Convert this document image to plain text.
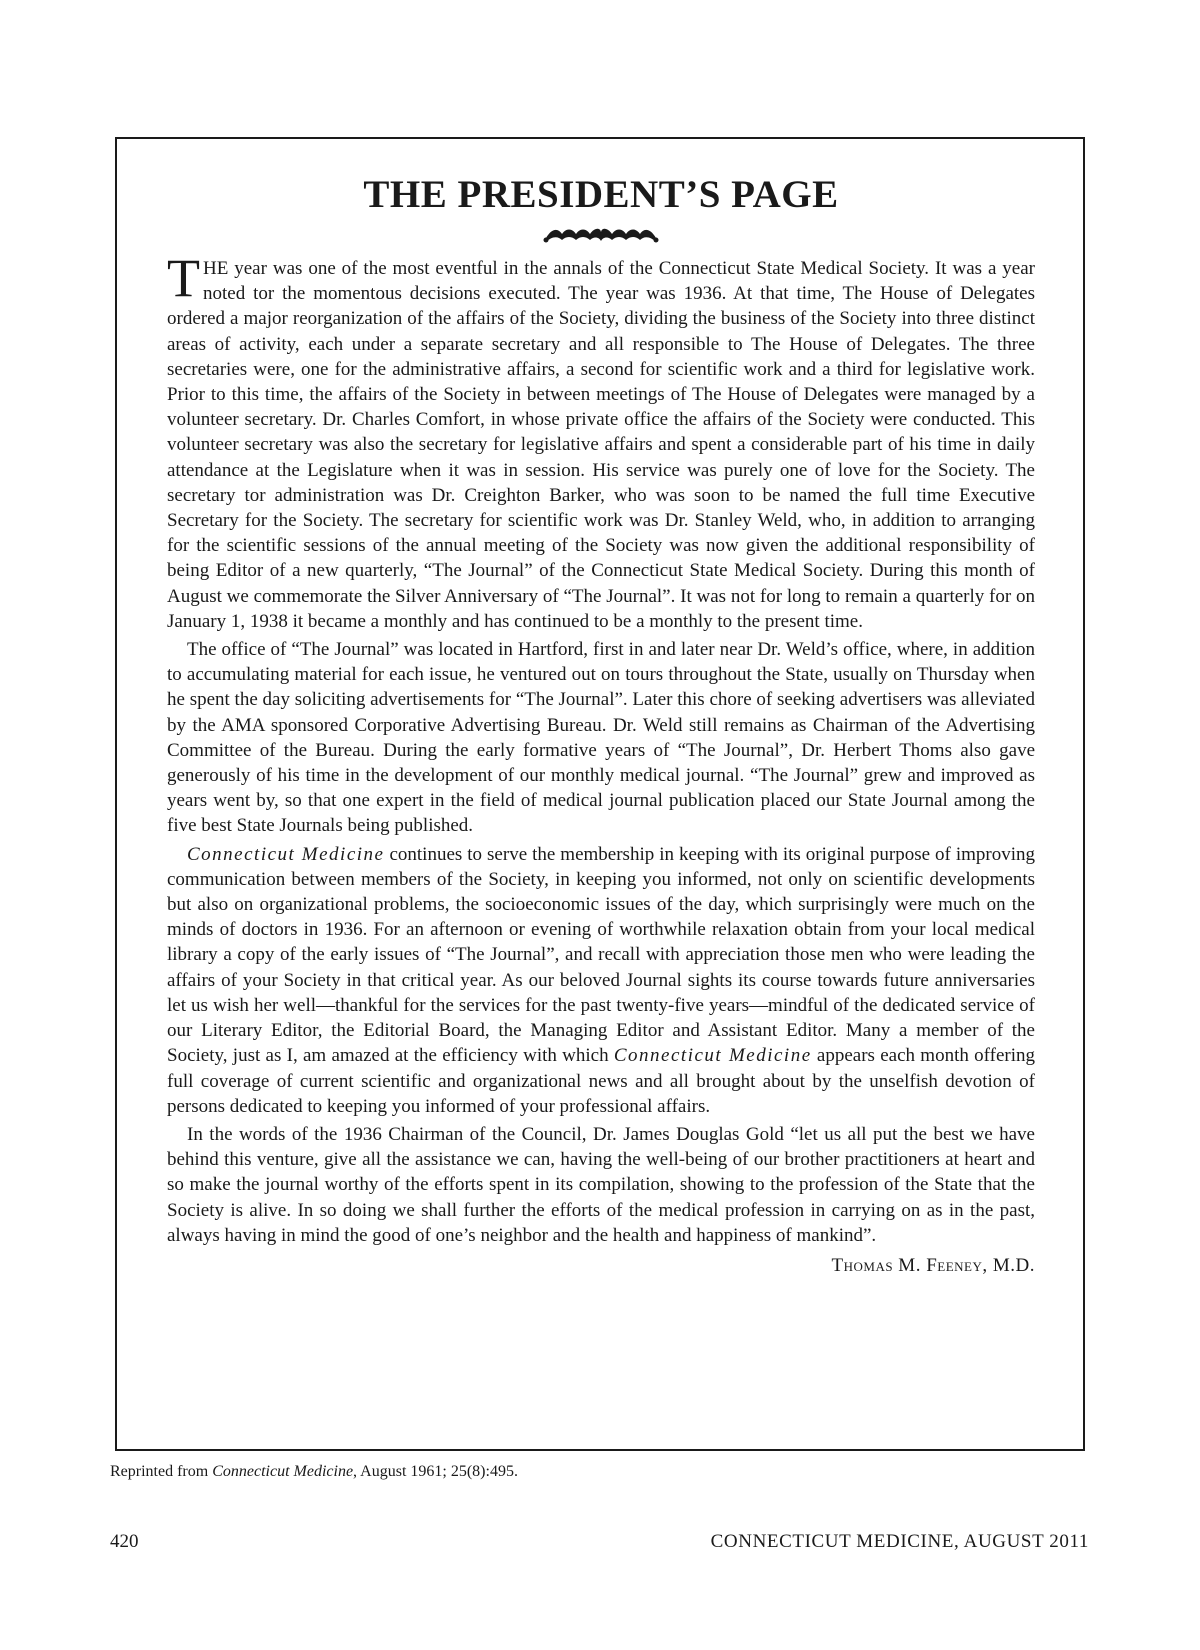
THE PRESIDENT’S PAGE

THE year was one of the most eventful in the annals of the Connecticut State Medical Society. It was a year noted tor the momentous decisions executed. The year was 1936. At that time, The House of Delegates ordered a major reorganization of the affairs of the Society, dividing the business of the Society into three distinct areas of activity, each under a separate secretary and all responsible to The House of Delegates. The three secretaries were, one for the administrative affairs, a second for scientific work and a third for legislative work. Prior to this time, the affairs of the Society in between meetings of The House of Delegates were managed by a volunteer secretary. Dr. Charles Comfort, in whose private office the affairs of the Society were conducted. This volunteer secretary was also the secretary for legislative affairs and spent a considerable part of his time in daily attendance at the Legislature when it was in session. His service was purely one of love for the Society. The secretary tor administration was Dr. Creighton Barker, who was soon to be named the full time Executive Secretary for the Society. The secretary for scientific work was Dr. Stanley Weld, who, in addition to arranging for the scientific sessions of the annual meeting of the Society was now given the additional responsibility of being Editor of a new quarterly, “The Journal” of the Connecticut State Medical Society. During this month of August we commemorate the Silver Anniversary of “The Journal”. It was not for long to remain a quarterly for on January 1, 1938 it became a monthly and has continued to be a monthly to the present time.

The office of “The Journal” was located in Hartford, first in and later near Dr. Weld’s office, where, in addition to accumulating material for each issue, he ventured out on tours throughout the State, usually on Thursday when he spent the day soliciting advertisements for “The Journal”. Later this chore of seeking advertisers was alleviated by the AMA sponsored Corporative Advertising Bureau. Dr. Weld still remains as Chairman of the Advertising Committee of the Bureau. During the early formative years of “The Journal”, Dr. Herbert Thoms also gave generously of his time in the development of our monthly medical journal. “The Journal” grew and improved as years went by, so that one expert in the field of medical journal publication placed our State Journal among the five best State Journals being published.

Connecticut Medicine continues to serve the membership in keeping with its original purpose of improving communication between members of the Society, in keeping you informed, not only on scientific developments but also on organizational problems, the socioeconomic issues of the day, which surprisingly were much on the minds of doctors in 1936. For an afternoon or evening of worthwhile relaxation obtain from your local medical library a copy of the early issues of “The Journal”, and recall with appreciation those men who were leading the affairs of your Society in that critical year. As our beloved Journal sights its course towards future anniversaries let us wish her well—thankful for the services for the past twenty-five years—mindful of the dedicated service of our Literary Editor, the Editorial Board, the Managing Editor and Assistant Editor. Many a member of the Society, just as I, am amazed at the efficiency with which Connecticut Medicine appears each month offering full coverage of current scientific and organizational news and all brought about by the unselfish devotion of persons dedicated to keeping you informed of your professional affairs.

In the words of the 1936 Chairman of the Council, Dr. James Douglas Gold “let us all put the best we have behind this venture, give all the assistance we can, having the well-being of our brother practitioners at heart and so make the journal worthy of the efforts spent in its compilation, showing to the profession of the State that the Society is alive. In so doing we shall further the efforts of the medical profession in carrying on as in the past, always having in mind the good of one’s neighbor and the health and happiness of mankind”.

Thomas M. Feeney, M.D.
Reprinted from Connecticut Medicine, August 1961; 25(8):495.
420	CONNECTICUT MEDICINE, AUGUST 2011
